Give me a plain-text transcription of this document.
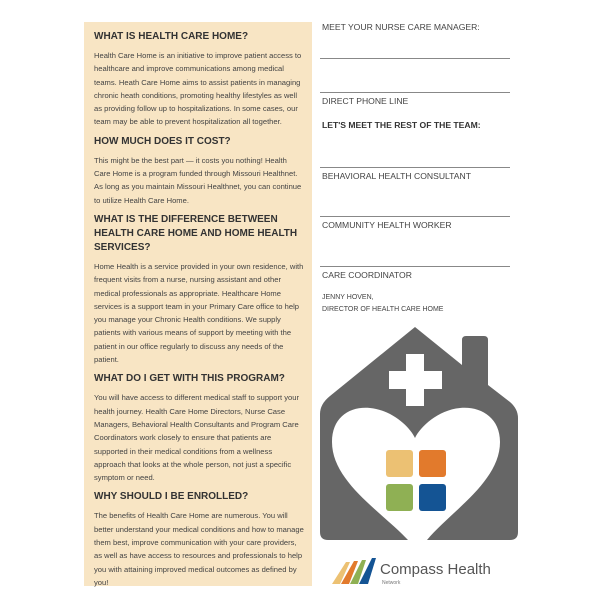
WHAT IS HEALTH CARE HOME?

Health Care Home is an initiative to improve patient access to healthcare and improve communications among medical teams. Heath Care Home aims to assist patients in managing chronic heath conditions, promoting healthy lifestyles as well as providing follow up to hospitalizations. In some cases, our team may be able to prevent hospitalization all together.

HOW MUCH DOES IT COST?

This might be the best part — it costs you nothing! Health Care Home is a program funded through Missouri Healthnet. As long as you maintain Missouri Healthnet, you can continue to utilize Health Care Home.

WHAT IS THE DIFFERENCE BETWEEN HEALTH CARE HOME AND HOME HEALTH SERVICES?

Home Health is a service provided in your own residence, with frequent visits from a nurse, nursing assistant and other medical professionals as appropriate. Healthcare Home services is a support team in your Primary Care office to help you manage your Chronic Health conditions. We supply patients with various means of support by meeting with the patient in our office regularly to discuss any needs of the patient.

WHAT DO I GET WITH THIS PROGRAM?

You will have access to different medical staff to support your health journey. Health Care Home Directors, Nurse Case Managers, Behavioral Health Consultants and Program Care Coordinators work closely to ensure that patients are supported in their medical conditions from a wellness approach that looks at the whole person, not just a specific symptom or need.

WHY SHOULD I BE ENROLLED?

The benefits of Health Care Home are numerous. You will better understand your medical conditions and how to manage them best, improve communication with your care providers, as well as have access to resources and professionals to help you with attaining improved medical outcomes as defined by you!

MEET YOUR NURSE CARE MANAGER:
DIRECT PHONE LINE
LET'S MEET THE REST OF THE TEAM:
BEHAVIORAL HEALTH CONSULTANT
COMMUNITY HEALTH WORKER
CARE COORDINATOR
JENNY HOVEN,
DIRECTOR OF HEALTH CARE HOME
Compass Health
Network
